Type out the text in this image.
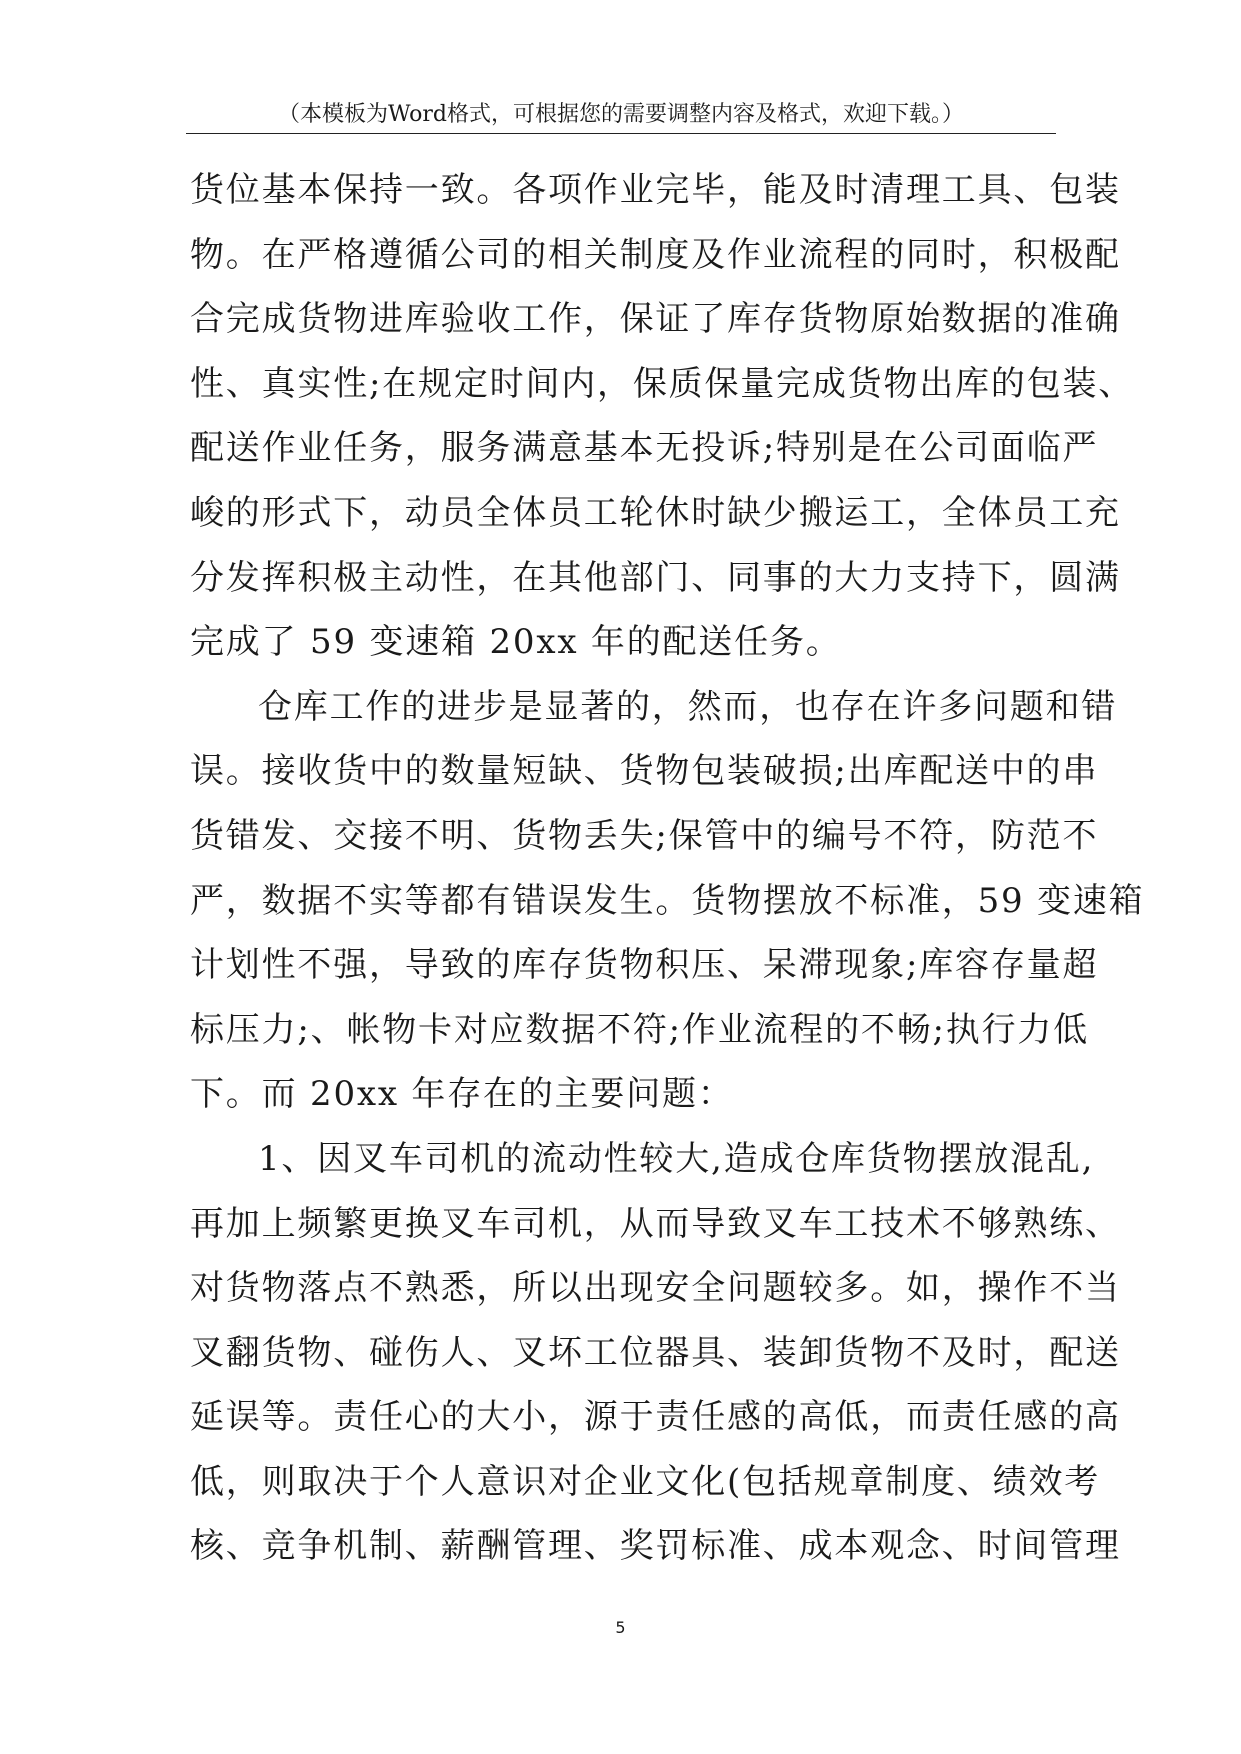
（本模板为Word格式，可根据您的需要调整内容及格式，欢迎下载。）
货位基本保持一致。各项作业完毕，能及时清理工具、包装
物。在严格遵循公司的相关制度及作业流程的同时，积极配
合完成货物进库验收工作，保证了库存货物原始数据的准确
性、真实性;在规定时间内，保质保量完成货物出库的包装、
配送作业任务，服务满意基本无投诉;特别是在公司面临严
峻的形式下，动员全体员工轮休时缺少搬运工，全体员工充
分发挥积极主动性，在其他部门、同事的大力支持下，圆满
完成了 59 变速箱 20xx 年的配送任务。
仓库工作的进步是显著的，然而，也存在许多问题和错
误。接收货中的数量短缺、货物包装破损;出库配送中的串
货错发、交接不明、货物丢失;保管中的编号不符，防范不
严，数据不实等都有错误发生。货物摆放不标准，59 变速箱
计划性不强，导致的库存货物积压、呆滞现象;库容存量超
标压力;、帐物卡对应数据不符;作业流程的不畅;执行力低
下。而 20xx 年存在的主要问题：
1、因叉车司机的流动性较大,造成仓库货物摆放混乱,
再加上频繁更换叉车司机，从而导致叉车工技术不够熟练、
对货物落点不熟悉，所以出现安全问题较多。如，操作不当
叉翻货物、碰伤人、叉坏工位器具、装卸货物不及时，配送
延误等。责任心的大小，源于责任感的高低，而责任感的高
低，则取决于个人意识对企业文化(包括规章制度、绩效考
核、竞争机制、薪酬管理、奖罚标准、成本观念、时间管理
5
